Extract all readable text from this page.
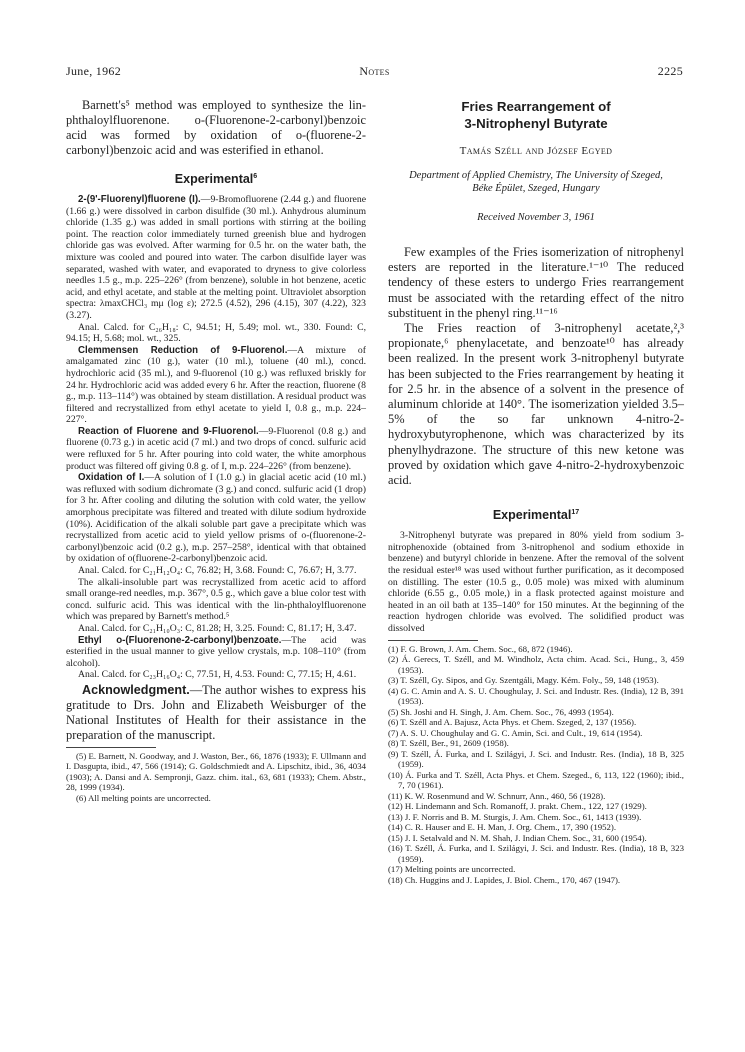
June, 1962	Notes	2225

Barnett's⁵ method was employed to synthesize the lin-phthaloylfluorenone. o-(Fluorenone-2-carbonyl)benzoic acid was formed by oxidation of o-(fluorene-2-carbonyl)benzoic acid and was esterified in ethanol.

Experimental$^6$

2-(9'-Fluorenyl)fluorene (I).—9-Bromofluorene (2.44 g.) and fluorene (1.66 g.) were dissolved in carbon disulfide (30 ml.). Anhydrous aluminum chloride (1.35 g.) was added in small portions with stirring at the boiling point. The reaction color immediately turned greenish blue and hydrogen chloride gas was evolved. After warming for 0.5 hr. on the water bath, the mixture was cooled and poured into water. The carbon disulfide layer was separated, washed with water, and evaporated to dryness to give colorless needles 1.5 g., m.p. 225–226° (from benzene), soluble in hot benzene, acetic acid, and ethyl acetate, and stable at the melting point. Ultraviolet absorption spectra: λmaxCHCl₃ mμ (log ε); 272.5 (4.52), 296 (4.15), 307 (4.22), 323 (3.27).

Anal. Calcd. for C₂₆H₁₈: C, 94.51; H, 5.49; mol. wt., 330. Found: C, 94.15; H, 5.68; mol. wt., 325.

Clemmensen Reduction of 9-Fluorenol.—A mixture of amalgamated zinc (10 g.), water (10 ml.), toluene (40 ml.), concd. hydrochloric acid (35 ml.), and 9-fluorenol (10 g.) was refluxed briskly for 24 hr. Hydrochloric acid was added every 6 hr. After the reaction, fluorene (8 g., m.p. 113–114°) was obtained by steam distillation. A residual product was filtered and recrystallized from ethyl acetate to yield I, 0.8 g., m.p. 224–227°.

Reaction of Fluorene and 9-Fluorenol.—9-Fluorenol (0.8 g.) and fluorene (0.73 g.) in acetic acid (7 ml.) and two drops of concd. sulfuric acid were refluxed for 5 hr. After pouring into cold water, the white amorphous product was filtered off giving 0.8 g. of I, m.p. 224–226° (from benzene).

Oxidation of I.—A solution of I (1.0 g.) in glacial acetic acid (10 ml.) was refluxed with sodium dichromate (3 g.) and concd. sulfuric acid (1 drop) for 3 hr. After cooling and diluting the solution with cold water, the yellow amorphous precipitate was filtered and treated with dilute sodium hydroxide (10%). Acidification of the alkali soluble part gave a precipitate which was recrystallized from acetic acid to yield yellow prisms of o-(fluorenone-2-carbonyl)benzoic acid (0.2 g.), m.p. 257–258°, identical with that obtained by oxidation of o(fluorene-2-carbonyl)benzoic acid.

Anal. Calcd. for C₂₁H₁₂O₄: C, 76.82; H, 3.68. Found: C, 76.67; H, 3.77.

The alkali-insoluble part was recrystallized from acetic acid to afford small orange-red needles, m.p. 367°, 0.5 g., which gave a blue color test with concd. sulfuric acid. This was identical with the lin-phthaloylfluorenone which was prepared by Barnett's method.⁵

Anal. Calcd. for C₂₁H₁₀O₃: C, 81.28; H, 3.25. Found: C, 81.17; H, 3.47.

Ethyl o-(Fluorenone-2-carbonyl)benzoate.—The acid was esterified in the usual manner to give yellow crystals, m.p. 108–110° (from alcohol).

Anal. Calcd. for C₂₃H₁₆O₄: C, 77.51, H, 4.53. Found: C, 77.15; H, 4.61.

Acknowledgment.—The author wishes to express his gratitude to Drs. John and Elizabeth Weisburger of the National Institutes of Health for their assistance in the preparation of the manuscript.

(5) E. Barnett, N. Goodway, and J. Waston, Ber., 66, 1876 (1933); F. Ullmann and I. Dasgupta, ibid., 47, 566 (1914); G. Goldschmiedt and A. Lipschitz, ibid., 36, 4034 (1903); A. Dansi and A. Sempronji, Gazz. chim. ital., 63, 681 (1933); Chem. Abstr., 28, 1999 (1934).

(6) All melting points are uncorrected.

Fries Rearrangement of
3-Nitrophenyl Butyrate
Tamás Széll and József Egyed
Department of Applied Chemistry, The University of Szeged,
Béke Épület, Szeged, Hungary
Received November 3, 1961

Few examples of the Fries isomerization of nitrophenyl esters are reported in the literature.¹⁻¹⁰ The reduced tendency of these esters to undergo Fries rearrangement must be associated with the retarding effect of the nitro substituent in the phenyl ring.¹¹⁻¹⁶

The Fries reaction of 3-nitrophenyl acetate,²,³ propionate,⁶ phenylacetate, and benzoate¹⁰ has already been realized. In the present work 3-nitrophenyl butyrate has been subjected to the Fries rearrangement by heating it for 2.5 hr. in the absence of a solvent in the presence of aluminum chloride at 140°. The isomerization yielded 3.5–5% of the so far unknown 4-nitro-2-hydroxybutyrophenone, which was characterized by its phenylhydrazone. The structure of this new ketone was proved by oxidation which gave 4-nitro-2-hydroxybenzoic acid.

Experimental$^{17}$

3-Nitrophenyl butyrate was prepared in 80% yield from sodium 3-nitrophenoxide (obtained from 3-nitrophenol and sodium ethoxide in benzene) and butyryl chloride in benzene. After the removal of the solvent the residual ester¹⁸ was used without further purification, as it decomposed on distilling. The ester (10.5 g., 0.05 mole) was mixed with aluminum chloride (6.55 g., 0.05 mole,) in a flask protected against moisture and heated in an oil bath at 135–140° for 150 minutes. At the beginning of the reaction hydrogen chloride was evolved. The solidified product was dissolved

(1) F. G. Brown, J. Am. Chem. Soc., 68, 872 (1946).

(2) Á. Gerecs, T. Széll, and M. Windholz, Acta chim. Acad. Sci., Hung., 3, 459 (1953).

(3) T. Széll, Gy. Sipos, and Gy. Szentgáli, Magy. Kém. Foly., 59, 148 (1953).

(4) G. C. Amin and A. S. U. Choughulay, J. Sci. and Industr. Res. (India), 12 B, 391 (1953).

(5) Sh. Joshi and H. Singh, J. Am. Chem. Soc., 76, 4993 (1954).

(6) T. Széll and A. Bajusz, Acta Phys. et Chem. Szeged, 2, 137 (1956).

(7) A. S. U. Choughulay and G. C. Amin, Sci. and Cult., 19, 614 (1954).

(8) T. Széll, Ber., 91, 2609 (1958).

(9) T. Széll, Á. Furka, and I. Szilágyi, J. Sci. and Industr. Res. (India), 18 B, 325 (1959).

(10) Á. Furka and T. Széll, Acta Phys. et Chem. Szeged., 6, 113, 122 (1960); ibid., 7, 70 (1961).

(11) K. W. Rosenmund and W. Schnurr, Ann., 460, 56 (1928).

(12) H. Lindemann and Sch. Romanoff, J. prakt. Chem., 122, 127 (1929).

(13) J. F. Norris and B. M. Sturgis, J. Am. Chem. Soc., 61, 1413 (1939).

(14) C. R. Hauser and E. H. Man, J. Org. Chem., 17, 390 (1952).

(15) J. I. Setalvald and N. M. Shah, J. Indian Chem. Soc., 31, 600 (1954).

(16) T. Széll, Á. Furka, and I. Szilágyi, J. Sci. and Industr. Res. (India), 18 B, 323 (1959).

(17) Melting points are uncorrected.

(18) Ch. Huggins and J. Lapides, J. Biol. Chem., 170, 467 (1947).
